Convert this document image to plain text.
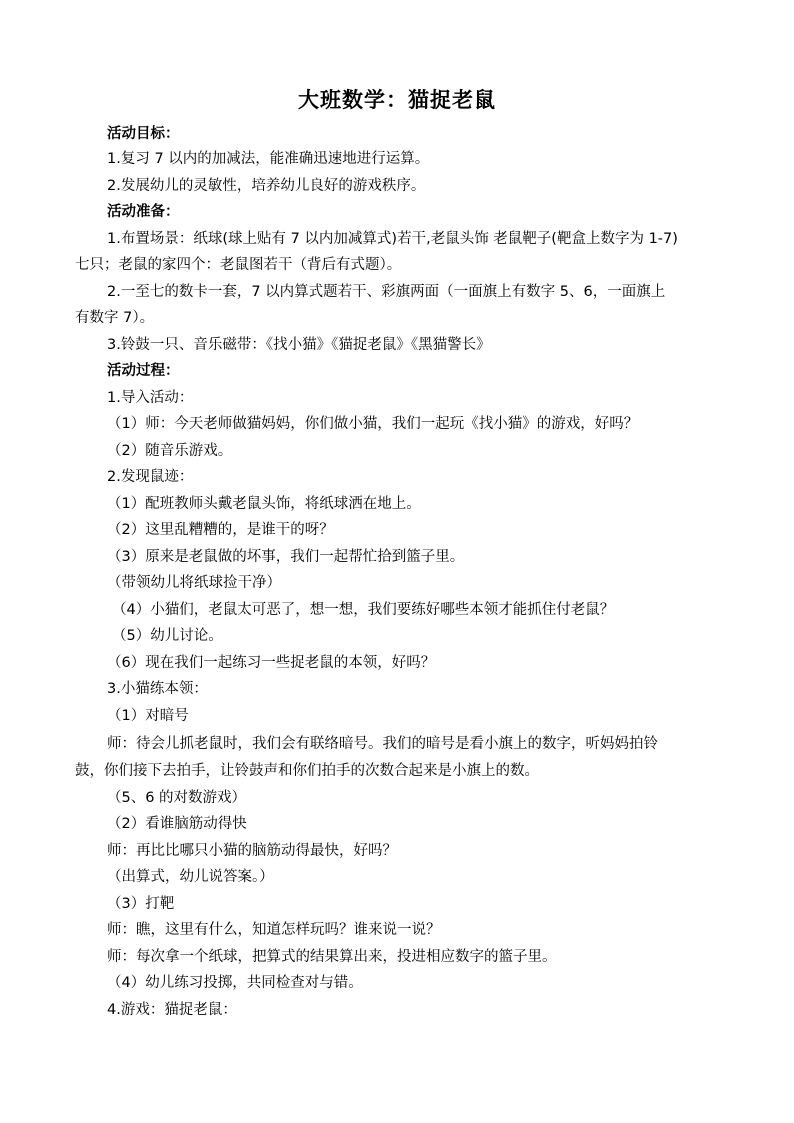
大班数学：猫捉老鼠
活动目标：
1.复习 7 以内的加减法，能准确迅速地进行运算。
2.发展幼儿的灵敏性，培养幼儿良好的游戏秩序。
活动准备：
1.布置场景：纸球(球上贴有 7 以内加减算式)若干,老鼠头饰 老鼠靶子(靶盒上数字为 1-7)
七只；老鼠的家四个：老鼠图若干（背后有式题）。
2.一至七的数卡一套，7 以内算式题若干、彩旗两面（一面旗上有数字 5、6，一面旗上
有数字 7）。
3.铃鼓一只、音乐磁带：《找小猫》《猫捉老鼠》《黑猫警长》
活动过程：
1.导入活动：
（1）师：今天老师做猫妈妈，你们做小猫，我们一起玩《找小猫》的游戏，好吗？
（2）随音乐游戏。
2.发现鼠迹：
（1）配班教师头戴老鼠头饰，将纸球洒在地上。
（2）这里乱糟糟的，是谁干的呀？
（3）原来是老鼠做的坏事，我们一起帮忙拾到篮子里。
（带领幼儿将纸球捡干净）
（4）小猫们，老鼠太可恶了，想一想，我们要练好哪些本领才能抓住付老鼠？
（5）幼儿讨论。
（6）现在我们一起练习一些捉老鼠的本领，好吗？
3.小猫练本领：
（1）对暗号
师：待会儿抓老鼠时，我们会有联络暗号。我们的暗号是看小旗上的数字，听妈妈拍铃
鼓，你们接下去拍手，让铃鼓声和你们拍手的次数合起来是小旗上的数。
（5、6 的对数游戏）
（2）看谁脑筋动得快
师：再比比哪只小猫的脑筋动得最快，好吗？
（出算式，幼儿说答案。）
（3）打靶
师：瞧，这里有什么，知道怎样玩吗？谁来说一说？
师：每次拿一个纸球，把算式的结果算出来，投进相应数字的篮子里。
（4）幼儿练习投掷，共同检查对与错。
4.游戏：猫捉老鼠：
